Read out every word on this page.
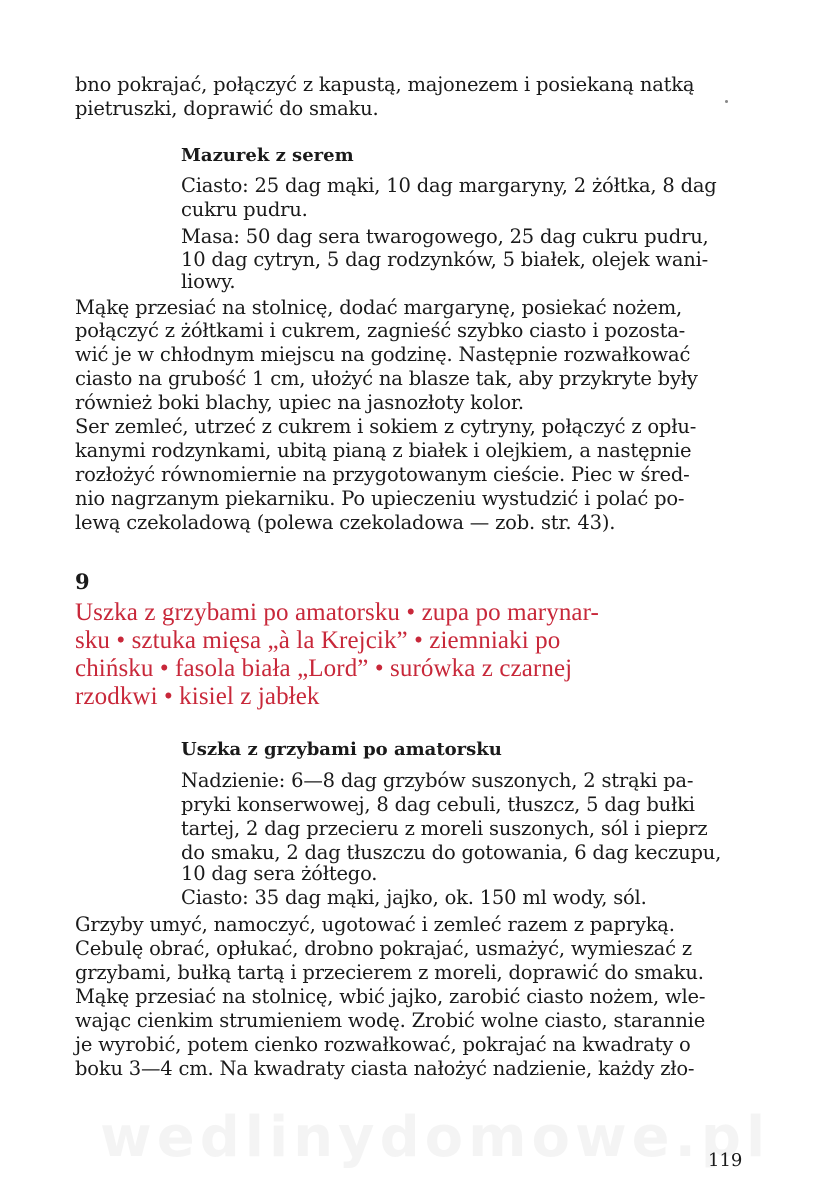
bno pokrajać, połączyć z kapustą, majonezem i posiekaną natką
pietruszki, doprawić do smaku.
Mazurek z serem
Ciasto: 25 dag mąki, 10 dag margaryny, 2 żółtka, 8 dag
cukru pudru.
Masa: 50 dag sera twarogowego, 25 dag cukru pudru,
10 dag cytryn, 5 dag rodzynków, 5 białek, olejek wani-
liowy.
Mąkę przesiać na stolnicę, dodać margarynę, posiekać nożem,
połączyć z żółtkami i cukrem, zagnieść szybko ciasto i pozosta-
wić je w chłodnym miejscu na godzinę. Następnie rozwałkować
ciasto na grubość 1 cm, ułożyć na blasze tak, aby przykryte były
również boki blachy, upiec na jasnozłoty kolor.
Ser zemleć, utrzeć z cukrem i sokiem z cytryny, połączyć z opłu-
kanymi rodzynkami, ubitą pianą z białek i olejkiem, a następnie
rozłożyć równomiernie na przygotowanym cieście. Piec w śred-
nio nagrzanym piekarniku. Po upieczeniu wystudzić i polać po-
lewą czekoladową (polewa czekoladowa — zob. str. 43).
9
Uszka z grzybami po amatorsku • zupa po marynar-
sku • sztuka mięsa „à la Krejcik” • ziemniaki po
chińsku • fasola biała „Lord” • surówka z czarnej
rzodkwi • kisiel z jabłek
Uszka z grzybami po amatorsku
Nadzienie: 6—8 dag grzybów suszonych, 2 strąki pa-
pryki konserwowej, 8 dag cebuli, tłuszcz, 5 dag bułki
tartej, 2 dag przecieru z moreli suszonych, sól i pieprz
do smaku, 2 dag tłuszczu do gotowania, 6 dag keczupu,
10 dag sera żółtego.
Ciasto: 35 dag mąki, jajko, ok. 150 ml wody, sól.
Grzyby umyć, namoczyć, ugotować i zemleć razem z papryką.
Cebulę obrać, opłukać, drobno pokrajać, usmażyć, wymieszać z
grzybami, bułką tartą i przecierem z moreli, doprawić do smaku.
Mąkę przesiać na stolnicę, wbić jajko, zarobić ciasto nożem, wle-
wając cienkim strumieniem wodę. Zrobić wolne ciasto, starannie
je wyrobić, potem cienko rozwałkować, pokrajać na kwadraty o
boku 3—4 cm. Na kwadraty ciasta nałożyć nadzienie, każdy zło-
119
